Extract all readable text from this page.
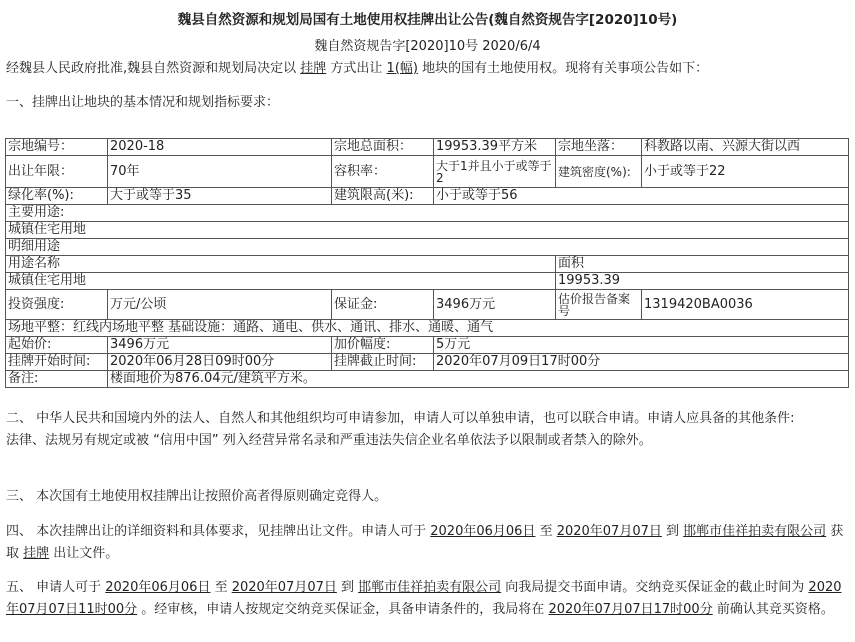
魏县自然资源和规划局国有土地使用权挂牌出让公告(魏自然资规告字[2020]10号)
魏自然资规告字[2020]10号 2020/6/4
经魏县人民政府批准,魏县自然资源和规划局决定以 挂牌 方式出让 1(幅) 地块的国有土地使用权。现将有关事项公告如下：
一、挂牌出让地块的基本情况和规划指标要求：
宗地编号：	2020-18	宗地总面积：	19953.39平方米	宗地坐落：	科教路以南、兴源大街以西
出让年限：	70年	容积率：	大于1并且小于或等于2	建筑密度(%):	小于或等于22
绿化率(%):	大于或等于35	建筑限高(米):	小于或等于56		
主要用途:					
城镇住宅用地					
明细用途					
用途名称				面积	
城镇住宅用地				19953.39	
投资强度:	万元/公顷	保证金:	3496万元	估价报告备案号	1319420BA0036
场地平整：红线内场地平整 基础设施：通路、通电、供水、通讯、排水、通暖、通气					
起始价:	3496万元	加价幅度:	5万元		
挂牌开始时间:	2020年06月28日09时00分	挂牌截止时间:	2020年07月09日17时00分		
备注:	楼面地价为876.04元/建筑平方米。				
二、 中华人民共和国境内外的法人、自然人和其他组织均可申请参加，申请人可以单独申请，也可以联合申请。申请人应具备的其他条件:
法律、法规另有规定或被 “信用中国” 列入经营异常名录和严重违法失信企业名单依法予以限制或者禁入的除外。
三、 本次国有土地使用权挂牌出让按照价高者得原则确定竞得人。
四、 本次挂牌出让的详细资料和具体要求，见挂牌出让文件。申请人可于 2020年06月06日 至 2020年07月07日 到 邯郸市佳祥拍卖有限公司 获取 挂牌 出让文件。
五、 申请人可于 2020年06月06日 至 2020年07月07日 到 邯郸市佳祥拍卖有限公司 向我局提交书面申请。交纳竞买保证金的截止时间为 2020年07月07日11时00分 。经审核，申请人按规定交纳竞买保证金，具备申请条件的，我局将在 2020年07月07日17时00分 前确认其竞买资格。
